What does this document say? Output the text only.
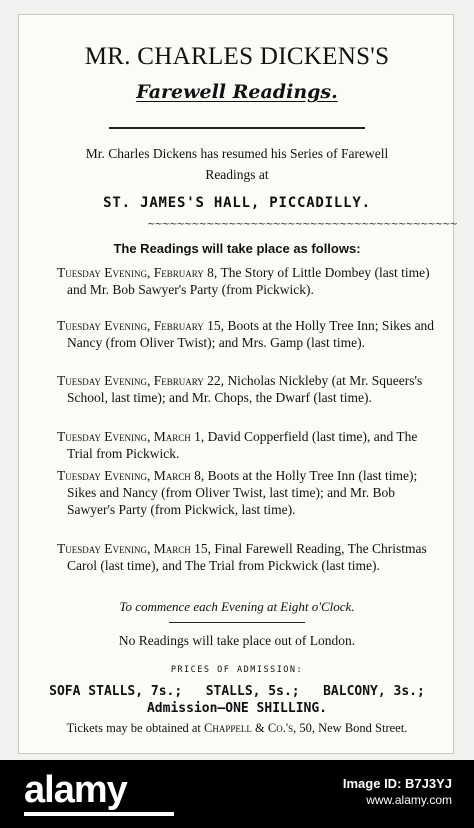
MR. CHARLES DICKENS'S
Farewell Readings.
Mr. Charles Dickens has resumed his Series of Farewell Readings at
ST. JAMES'S HALL, PICCADILLY.
~~~~~~~~~~~~~~~~~~~~~~~~~~~~~~~~~~~~~~~~~~
The Readings will take place as follows:
Tuesday Evening, February 8, The Story of Little Dombey (last time) and Mr. Bob Sawyer's Party (from Pickwick).
Tuesday Evening, February 15, Boots at the Holly Tree Inn; Sikes and Nancy (from Oliver Twist); and Mrs. Gamp (last time).
Tuesday Evening, February 22, Nicholas Nickleby (at Mr. Squeers's School, last time); and Mr. Chops, the Dwarf (last time).
Tuesday Evening, March 1, David Copperfield (last time), and The Trial from Pickwick.
Tuesday Evening, March 8, Boots at the Holly Tree Inn (last time); Sikes and Nancy (from Oliver Twist, last time); and Mr. Bob Sawyer's Party (from Pickwick, last time).
Tuesday Evening, March 15, Final Farewell Reading, The Christmas Carol (last time), and The Trial from Pickwick (last time).
To commence each Evening at Eight o'Clock.
No Readings will take place out of London.
PRICES OF ADMISSION:
SOFA STALLS, 7s.;   STALLS, 5s.;   BALCONY, 3s.;
Admission—ONE SHILLING.
Tickets may be obtained at Chappell & Co.'s, 50, New Bond Street.
alamy	Image ID: B7J3YJ
www.alamy.com
